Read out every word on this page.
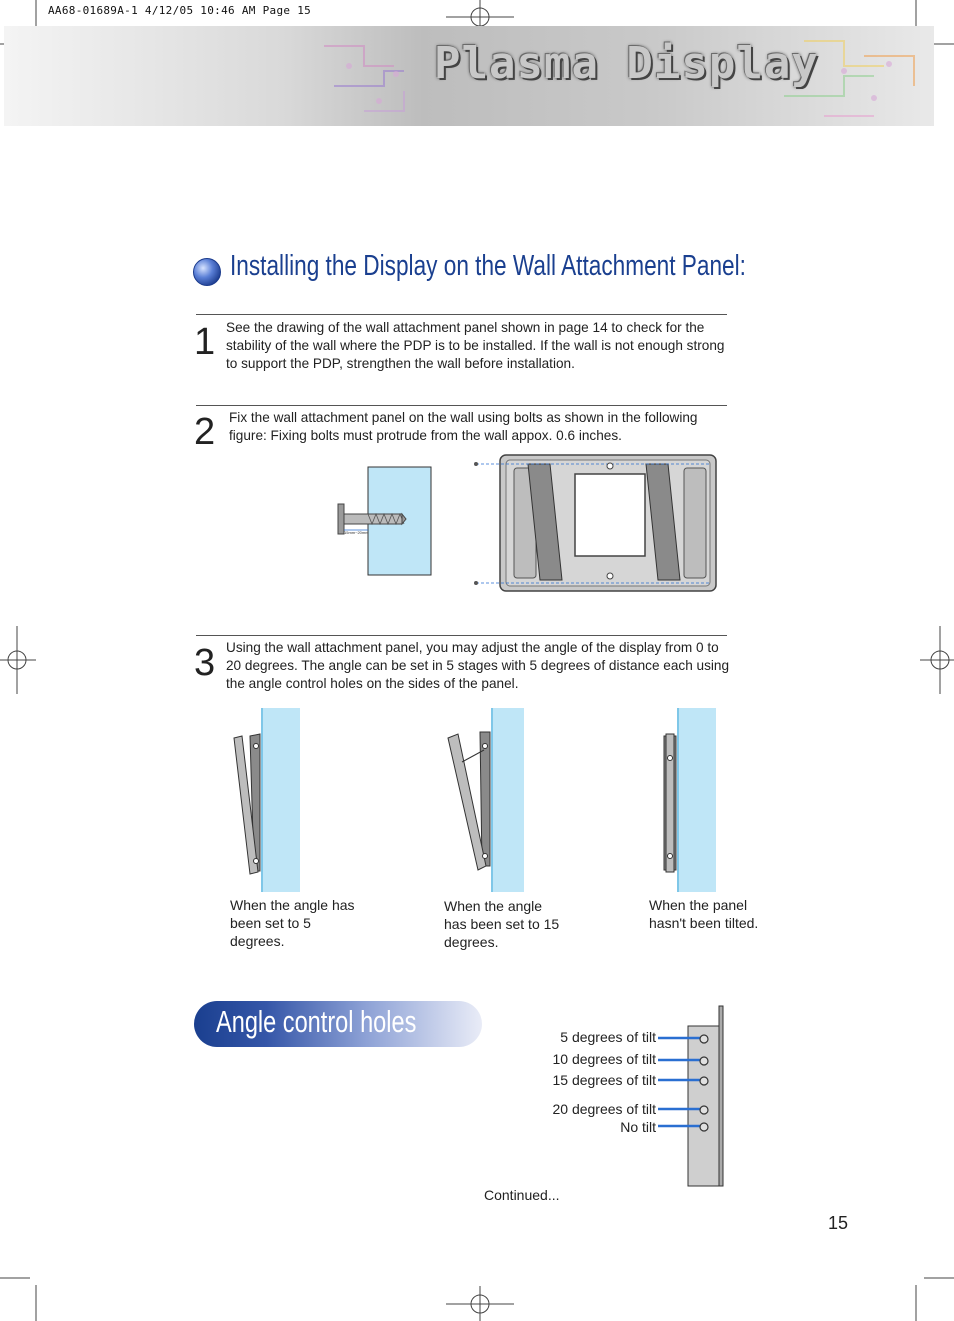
AA68-01689A-1 4/12/05 10:46 AM Page 15
Plasma Display
Installing the Display on the Wall Attachment Panel:
1 See the drawing of the wall attachment panel shown in page 14 to check for the stability of the wall where the PDP is to be installed. If the wall is not enough strong to support the PDP, strengthen the wall before installation.
2 Fix the wall attachment panel on the wall using bolts as shown in the following figure: Fixing bolts must protrude from the wall appox. 0.6 inches.
15mm~20mm
3 Using the wall attachment panel, you may adjust the angle of the display from 0 to 20 degrees. The angle can be set in 5 stages with 5 degrees of distance each using the angle control holes on the sides of the panel.
When the angle has been set to 5 degrees.
When the angle has been set to 15 degrees.
When the panel hasn't been tilted.
Angle control holes	5 degrees of tilt
10 degrees of tilt
15 degrees of tilt
20 degrees of tilt
No tilt
Continued...
15
